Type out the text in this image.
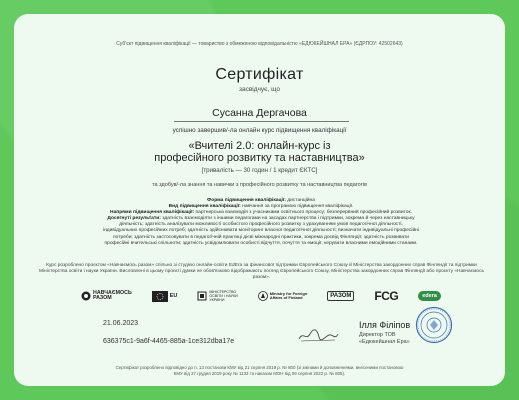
Суб'єкт підвищення кваліфікації — товариство з обмеженою відповідальністю «ЕДЮКЕЙШНАЛ ЕРА» (ЄДРПОУ: 42502643)
Сертифікат
засвідчує, що
Сусанна Дергачова
успішно завершив/-ла онлайн курс підвищення кваліфікації
«Вчителі 2.0: онлайн-курс із
професійного розвитку та наставництва»
[тривалість — 30 годин / 1 кредит ЄКТС]
та здобув/-ла знання та навички з професійного розвитку та наставництва педагогів
Форма підвищення кваліфікації: дистанційна
Вид підвищення кваліфікації: навчання за програмою підвищення кваліфікації.
Напрями підвищення кваліфікації: партнерська взаємодія з учасниками освітнього процесу; безперервний професійний розвиток.
Досягнуті результати: здатність взаємодіяти з іншими педагогами на засадах партнерства і підтримки, зокрема й через наставницьку діяльність; здатність аналізувати можливості особистого професійного розвитку з урахуванням умов педагогічної діяльності, індивідуальних професійних потреб; здатність здійснювати моніторинг власної педагогічної діяльності; визначати індивідуальні професійні потреби; здатність застосовувати в педагогічній практиці дієві міжнародні практики, зокрема досвід Фінляндії; здатність розвивати професійні вчительські спільноти; здатність усвідомлювати особисті відчуття, почуття та емоції, керувати власними емоційними станами.
Курс розроблено проєктом «Навчаємось разом» спільно зі студією онлайн-освіти EdEra за фінансової підтримки Європейського Союзу й Міністерства закордонних справ Фінляндії та підтримки Міністерства освіти і науки України. Висловлені в цьому проєкті думки не обов'язково відображають погляд Європейського Союзу, Міністерства закордонних справ Фінляндії або проєкту «Навчаємось разом».
НАВЧАЄМОСЬ
РАЗОМ	EU
МІНІСТЕРСТВО
ОСВІТИ І НАУКИ
УКРАЇНИ
Ministry for Foreign
Affairs of Finland	РАЗОМ FCG	edera
21.06.2023
636375c1-9a6f-4465-885a-1ce312dba17e
Ілля Філіпов
Директор ТОВ
«Едюкейшнал Ера»
Сертифікат розроблено відповідно до п. 13 постанови КМУ від 21 серпня 2019 р. № 800 (зі змінами й доповненнями, внесеними постановою
КМУ від 27 грудня 2019 року № 1133 та наказом МОН від 09 серпня 2022 р. № 805).
